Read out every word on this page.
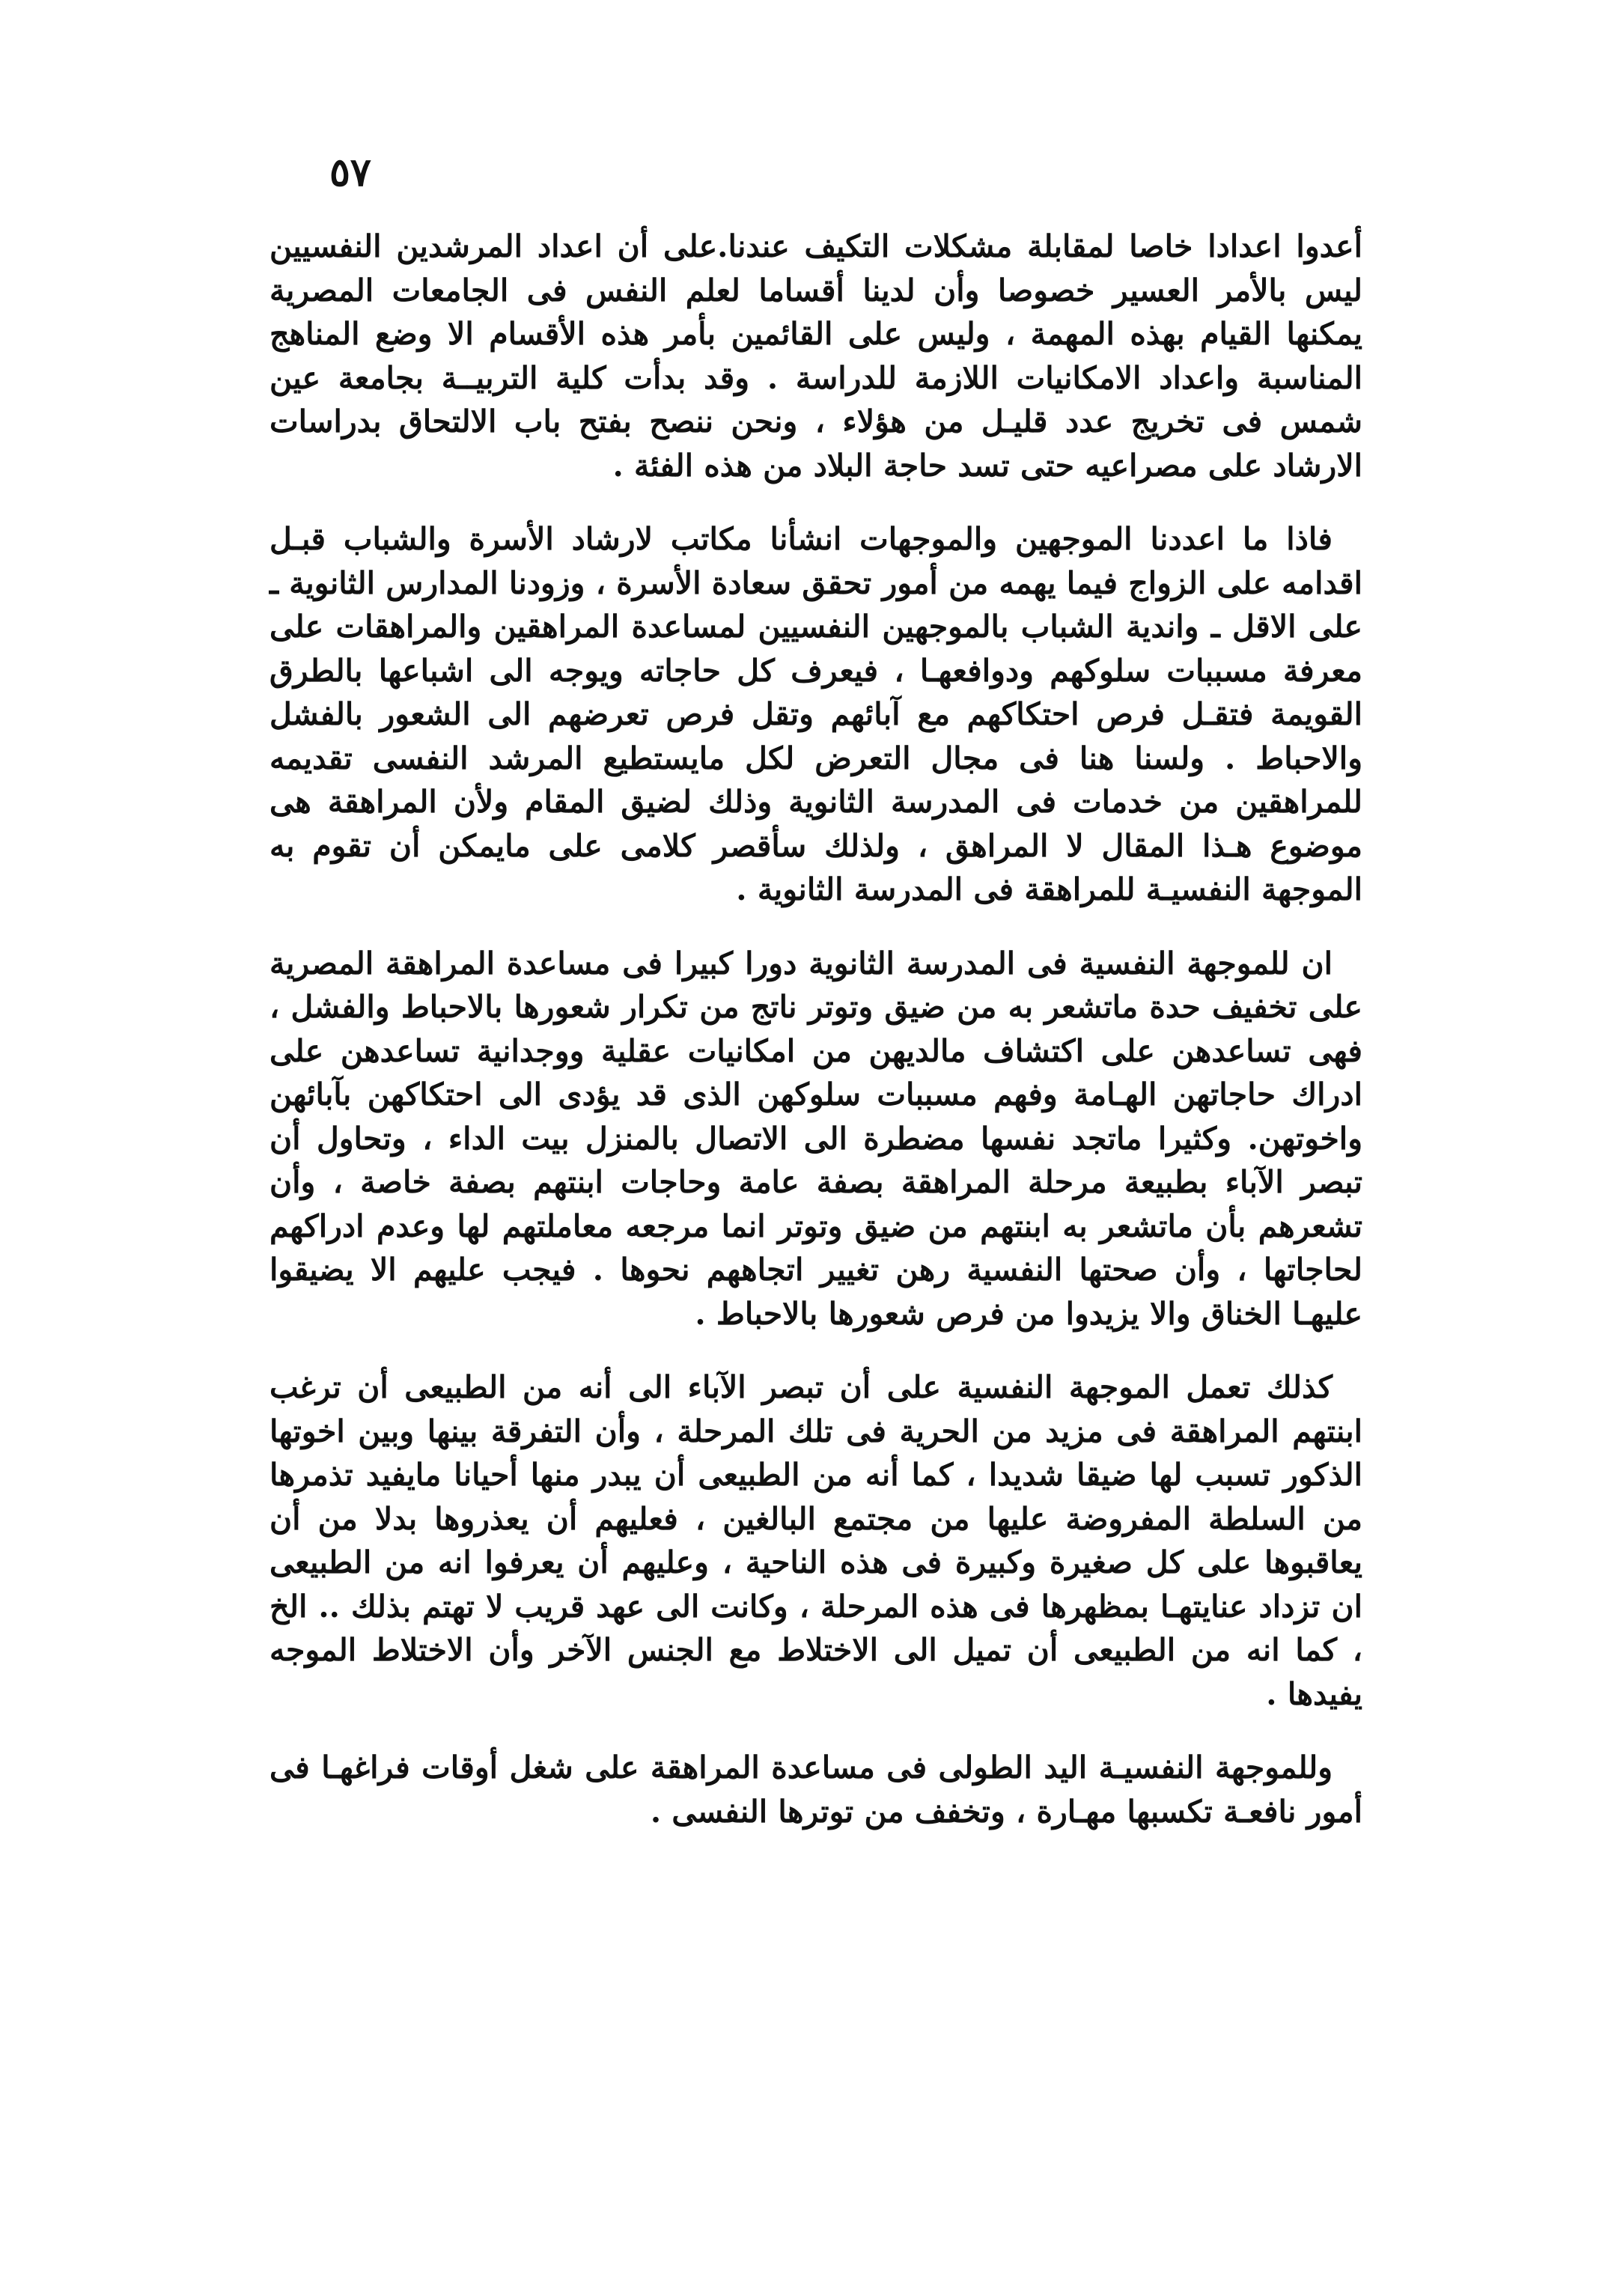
٥٧

أعدوا اعدادا خاصا لمقابلة مشكلات التكيف عندنا.على أن اعداد المرشدين النفسيين ليس بالأمر العسير خصوصا وأن لدينا أقساما لعلم النفس فى الجامعات المصرية يمكنها القيام بهذه المهمة ، وليس على القائمين بأمر هذه الأقسام الا وضع المناهج المناسبة واعداد الامكانيات اللازمة للدراسة . وقد بدأت كلية التربيــة بجامعة عين شمس فى تخريج عدد قليـل من هؤلاء ، ونحن ننصح بفتح باب الالتحاق بدراسات الارشاد على مصراعيه حتى تسد حاجة البلاد من هذه الفئة .

فاذا ما اعددنا الموجهين والموجهات انشأنا مكاتب لارشاد الأسرة والشباب قبـل اقدامه على الزواج فيما يهمه من أمور تحقق سعادة الأسرة ، وزودنا المدارس الثانوية ـ على الاقل ـ واندية الشباب بالموجهين النفسيين لمساعدة المراهقين والمراهقات على معرفة مسببات سلوكهم ودوافعهـا ، فيعرف كل حاجاته ويوجه الى اشباعها بالطرق القويمة فتقـل فرص احتكاكهم مع آبائهم وتقل فرص تعرضهم الى الشعور بالفشل والاحباط . ولسنا هنا فى مجال التعرض لكل مايستطيع المرشد النفسى تقديمه للمراهقين من خدمات فى المدرسة الثانوية وذلك لضيق المقام ولأن المراهقة هى موضوع هـذا المقال لا المراهق ، ولذلك سأقصر كلامى على مايمكن أن تقوم به الموجهة النفسيـة للمراهقة فى المدرسة الثانوية .

ان للموجهة النفسية فى المدرسة الثانوية دورا كبيرا فى مساعدة المراهقة المصرية على تخفيف حدة ماتشعر به من ضيق وتوتر ناتج من تكرار شعورها بالاحباط والفشل ، فهى تساعدهن على اكتشاف مالديهن من امكانيات عقلية ووجدانية تساعدهن على ادراك حاجاتهن الهـامة وفهم مسببات سلوكهن الذى قد يؤدى الى احتكاكهن بآبائهن واخوتهن. وكثيرا ماتجد نفسها مضطرة الى الاتصال بالمنزل بيت الداء ، وتحاول أن تبصر الآباء بطبيعة مرحلة المراهقة بصفة عامة وحاجات ابنتهم بصفة خاصة ، وأن تشعرهم بأن ماتشعر به ابنتهم من ضيق وتوتر انما مرجعه معاملتهم لها وعدم ادراكهم لحاجاتها ، وأن صحتها النفسية رهن تغيير اتجاههم نحوها . فيجب عليهم الا يضيقوا عليهـا الخناق والا يزيدوا من فرص شعورها بالاحباط .

كذلك تعمل الموجهة النفسية على أن تبصر الآباء الى أنه من الطبيعى أن ترغب ابنتهم المراهقة فى مزيد من الحرية فى تلك المرحلة ، وأن التفرقة بينها وبين اخوتها الذكور تسبب لها ضيقا شديدا ، كما أنه من الطبيعى أن يبدر منها أحيانا مايفيد تذمرها من السلطة المفروضة عليها من مجتمع البالغين ، فعليهم أن يعذروها بدلا من أن يعاقبوها على كل صغيرة وكبيرة فى هذه الناحية ، وعليهم أن يعرفوا انه من الطبيعى ان تزداد عنايتهـا بمظهرها فى هذه المرحلة ، وكانت الى عهد قريب لا تهتم بذلك .. الخ ، كما انه من الطبيعى أن تميل الى الاختلاط مع الجنس الآخر وأن الاختلاط الموجه يفيدها .

وللموجهة النفسيـة اليد الطولى فى مساعدة المراهقة على شغل أوقات فراغهـا فى أمور نافعـة تكسبها مهـارة ، وتخفف من توترها النفسى .
